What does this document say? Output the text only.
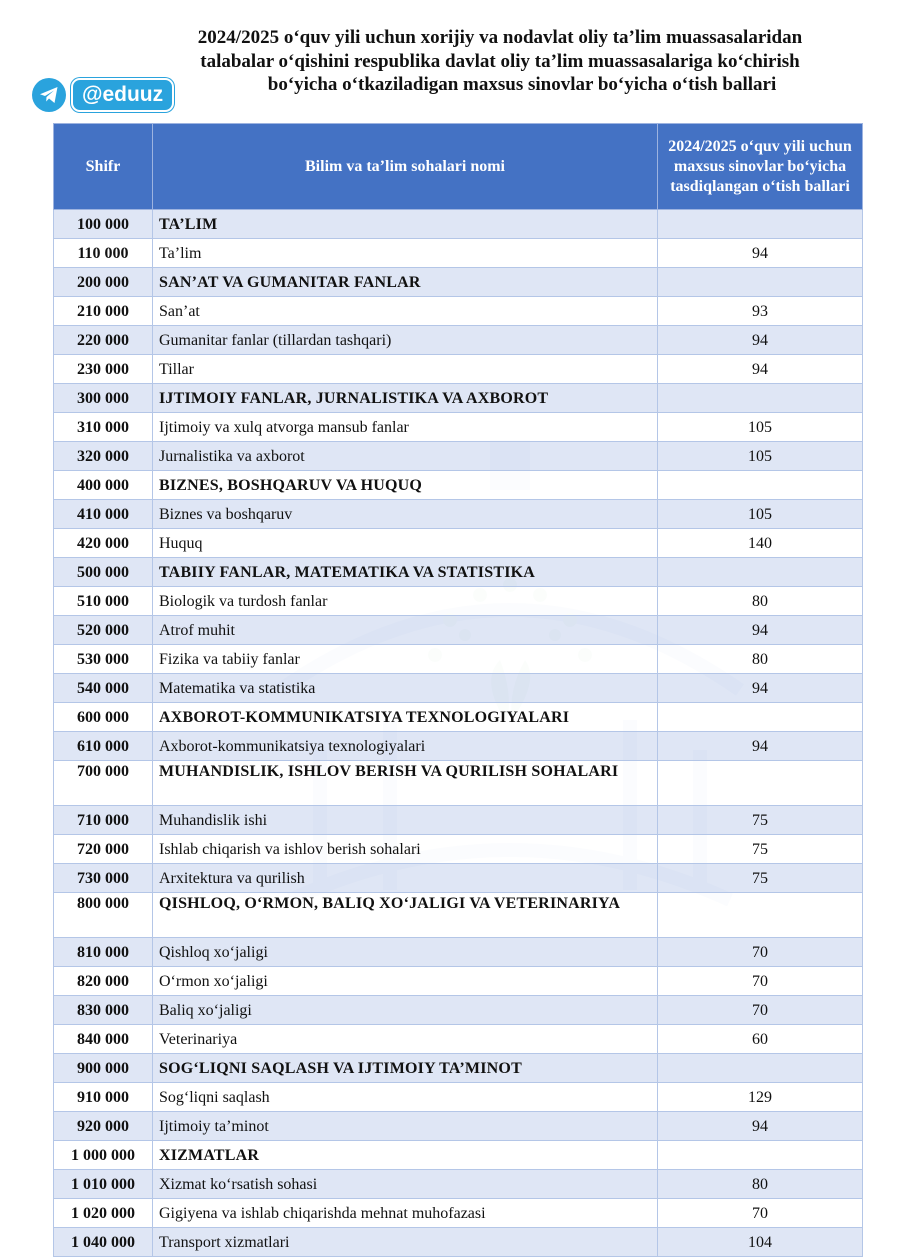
2024/2025 o‘quv yili uchun xorijiy va nodavlat oliy ta’lim muassasalaridan
talabalar o‘qishini respublika davlat oliy ta’lim muassasalariga ko‘chirish
bo‘yicha o‘tkaziladigan maxsus sinovlar bo‘yicha o‘tish ballari
@eduuz
Shifr	Bilim va ta’lim sohalari nomi	2024/2025 o‘quv yili uchun maxsus sinovlar bo‘yicha tasdiqlangan o‘tish ballari
100 000	TA’LIM	
110 000	Ta’lim	94
200 000	SAN’AT VA GUMANITAR FANLAR	
210 000	San’at	93
220 000	Gumanitar fanlar (tillardan tashqari)	94
230 000	Tillar	94
300 000	IJTIMOIY FANLAR, JURNALISTIKA VA AXBOROT	
310 000	Ijtimoiy va xulq atvorga mansub fanlar	105
320 000	Jurnalistika va axborot	105
400 000	BIZNES, BOSHQARUV VA HUQUQ	
410 000	Biznes va boshqaruv	105
420 000	Huquq	140
500 000	TABIIY FANLAR, MATEMATIKA VA STATISTIKA	
510 000	Biologik va turdosh fanlar	80
520 000	Atrof muhit	94
530 000	Fizika va tabiiy fanlar	80
540 000	Matematika va statistika	94
600 000	AXBOROT-KOMMUNIKATSIYA TEXNOLOGIYALARI	
610 000	Axborot-kommunikatsiya texnologiyalari	94
700 000	MUHANDISLIK, ISHLOV BERISH VA QURILISH SOHALARI	
710 000	Muhandislik ishi	75
720 000	Ishlab chiqarish va ishlov berish sohalari	75
730 000	Arxitektura va qurilish	75
800 000	QISHLOQ, O‘RMON, BALIQ XO‘JALIGI VA VETERINARIYA	
810 000	Qishloq xo‘jaligi	70
820 000	O‘rmon xo‘jaligi	70
830 000	Baliq xo‘jaligi	70
840 000	Veterinariya	60
900 000	SOG‘LIQNI SAQLASH VA IJTIMOIY TA’MINOT	
910 000	Sog‘liqni saqlash	129
920 000	Ijtimoiy ta’minot	94
1 000 000	XIZMATLAR	
1 010 000	Xizmat ko‘rsatish sohasi	80
1 020 000	Gigiyena va ishlab chiqarishda mehnat muhofazasi	70
1 040 000	Transport xizmatlari	104
